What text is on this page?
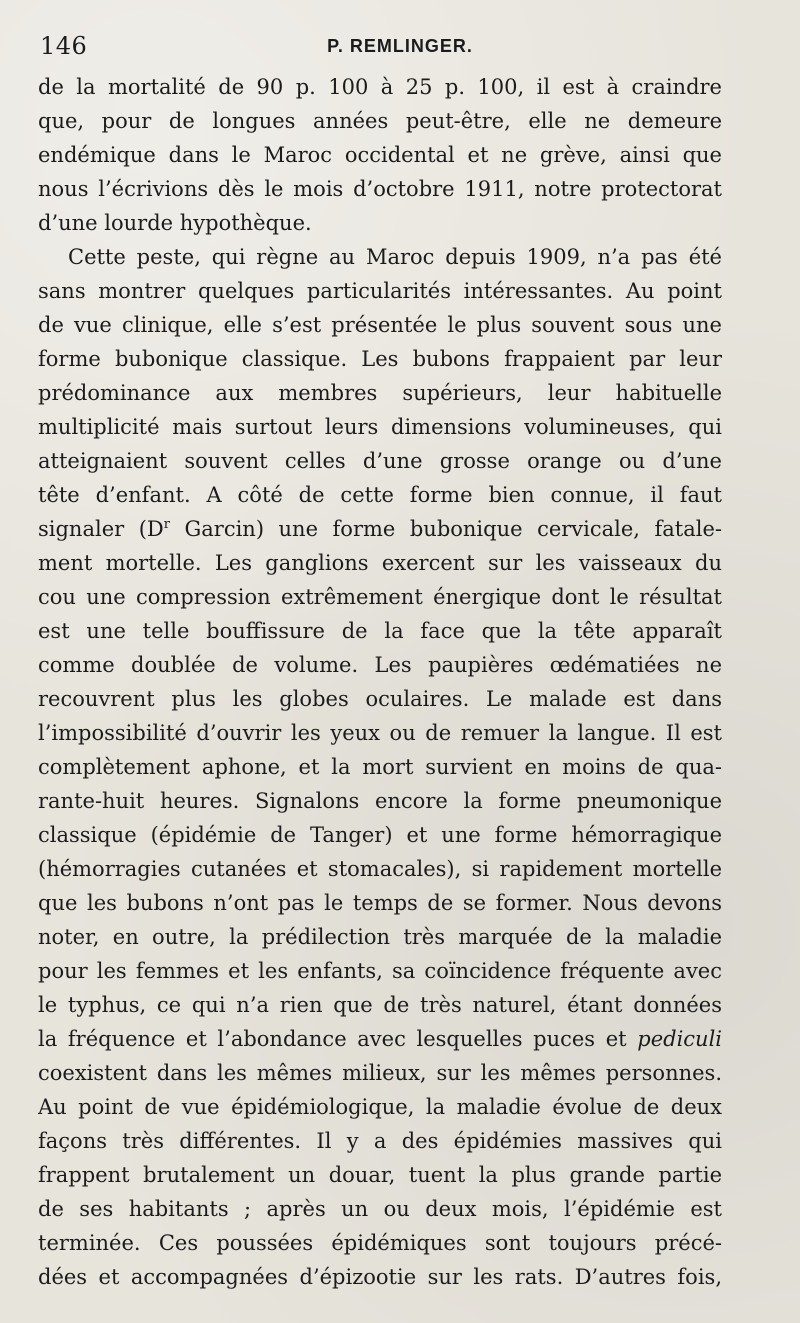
146	P. REMLINGER.
de la mortalité de 90 p. 100 à 25 p. 100, il est à craindre
que, pour de longues années peut-être, elle ne demeure
endémique dans le Maroc occidental et ne grève, ainsi que
nous l’écrivions dès le mois d’octobre 1911, notre protectorat
d’une lourde hypothèque.
Cette peste, qui règne au Maroc depuis 1909, n’a pas été
sans montrer quelques particularités intéressantes. Au point
de vue clinique, elle s’est présentée le plus souvent sous une
forme bubonique classique. Les bubons frappaient par leur
prédominance aux membres supérieurs, leur habituelle
multiplicité mais surtout leurs dimensions volumineuses, qui
atteignaient souvent celles d’une grosse orange ou d’une
tête d’enfant. A côté de cette forme bien connue, il faut
signaler ($D^r$ Garcin) une forme bubonique cervicale, fatale-
ment mortelle. Les ganglions exercent sur les vaisseaux du
cou une compression extrêmement énergique dont le résultat
est une telle bouffissure de la face que la tête apparaît
comme doublée de volume. Les paupières œdématiées ne
recouvrent plus les globes oculaires. Le malade est dans
l’impossibilité d’ouvrir les yeux ou de remuer la langue. Il est
complètement aphone, et la mort survient en moins de qua-
rante-huit heures. Signalons encore la forme pneumonique
classique (épidémie de Tanger) et une forme hémorragique
(hémorragies cutanées et stomacales), si rapidement mortelle
que les bubons n’ont pas le temps de se former. Nous devons
noter, en outre, la prédilection très marquée de la maladie
pour les femmes et les enfants, sa coïncidence fréquente avec
le typhus, ce qui n’a rien que de très naturel, étant données
la fréquence et l’abondance avec lesquelles puces et pediculi
coexistent dans les mêmes milieux, sur les mêmes personnes.
Au point de vue épidémiologique, la maladie évolue de deux
façons très différentes. Il y a des épidémies massives qui
frappent brutalement un douar, tuent la plus grande partie
de ses habitants ; après un ou deux mois, l’épidémie est
terminée. Ces poussées épidémiques sont toujours précé-
dées et accompagnées d’épizootie sur les rats. D’autres fois,
